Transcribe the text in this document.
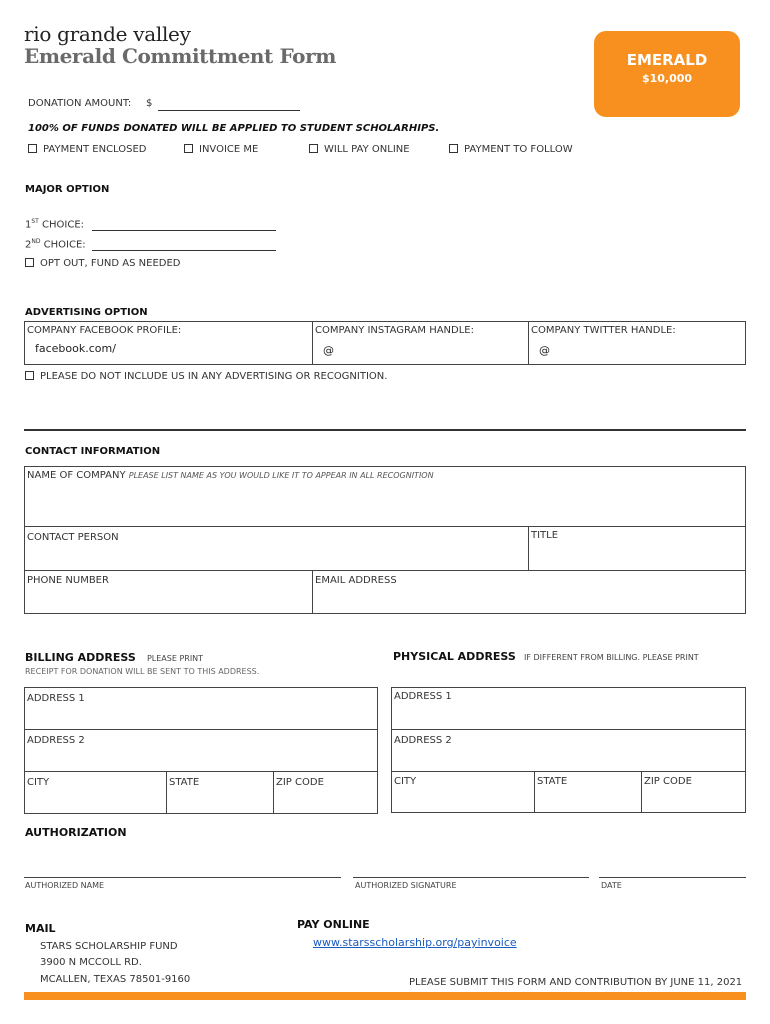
rio grande valley
Emerald Committment Form	EMERALD
$10,000
DONATION AMOUNT: $
100% OF FUNDS DONATED WILL BE APPLIED TO STUDENT SCHOLARHIPS.
PAYMENT ENCLOSED	INVOICE ME	WILL PAY ONLINE	PAYMENT TO FOLLOW
MAJOR OPTION
1ST CHOICE:
2ND CHOICE:
OPT OUT, FUND AS NEEDED
ADVERTISING OPTION
COMPANY FACEBOOK PROFILE:
facebook.com/
COMPANY INSTAGRAM HANDLE:
@
COMPANY TWITTER HANDLE:
@
PLEASE DO NOT INCLUDE US IN ANY ADVERTISING OR RECOGNITION.
CONTACT INFORMATION
NAME OF COMPANY PLEASE LIST NAME AS YOU WOULD LIKE IT TO APPEAR IN ALL RECOGNITION
CONTACT PERSON	TITLE
PHONE NUMBER	EMAIL ADDRESS
BILLING ADDRESS PLEASE PRINT
RECEIPT FOR DONATION WILL BE SENT TO THIS ADDRESS.
ADDRESS 1
ADDRESS 2
CITY	STATE	ZIP CODE
PHYSICAL ADDRESS IF DIFFERENT FROM BILLING. PLEASE PRINT
ADDRESS 1
ADDRESS 2
CITY	STATE	ZIP CODE
AUTHORIZATION
AUTHORIZED NAME	AUTHORIZED SIGNATURE	DATE
MAIL
STARS SCHOLARSHIP FUND
3900 N MCCOLL RD.
MCALLEN, TEXAS 78501-9160
PAY ONLINE
www.starsscholarship.org/payinvoice
PLEASE SUBMIT THIS FORM AND CONTRIBUTION BY JUNE 11, 2021
